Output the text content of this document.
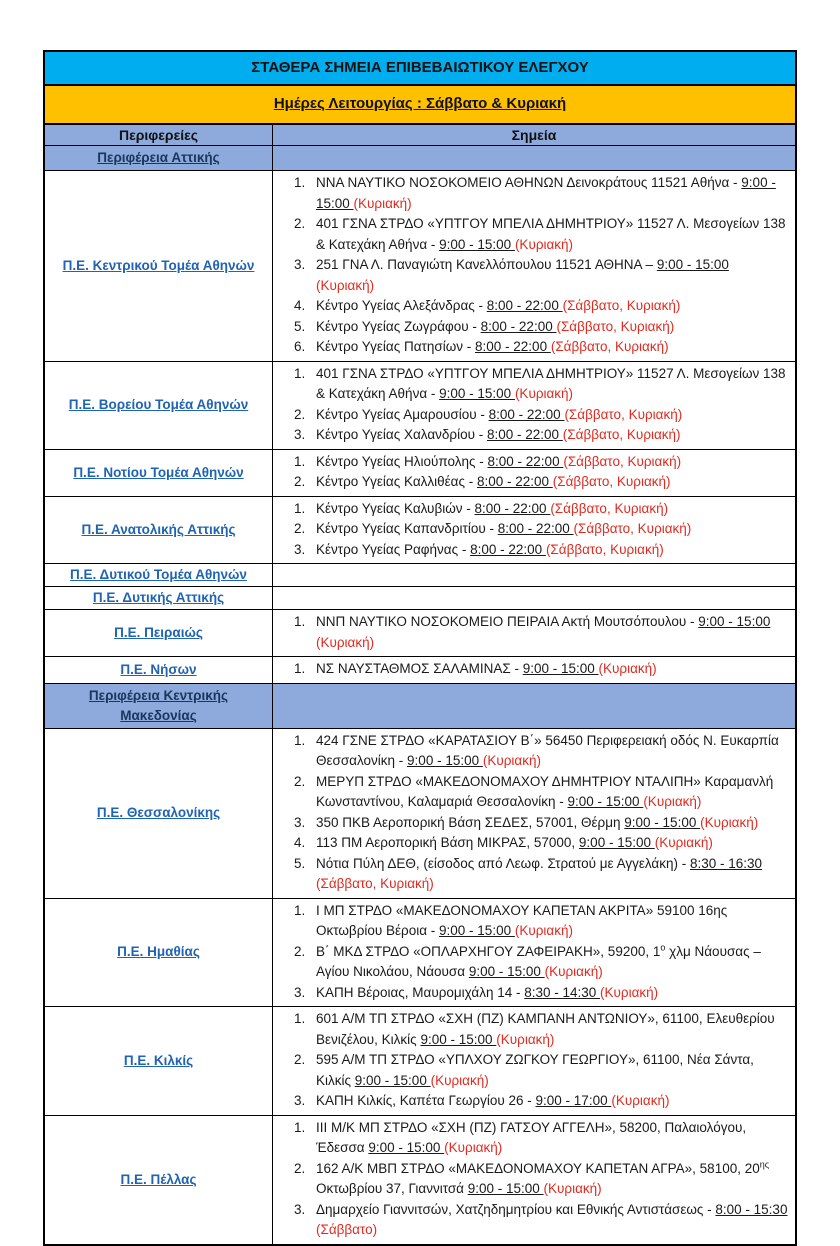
ΣΤΑΘΕΡΑ ΣΗΜΕΙΑ ΕΠΙΒΕΒΑΙΩΤΙΚΟΥ ΕΛΕΓΧΟΥ
Ημέρες Λειτουργίας : Σάββατο & Κυριακή
Περιφερείες	Σημεία
Περιφέρεια Αττικής
Π.Ε. Κεντρικού Τομέα Αθηνών
1. ΝΝΑ ΝΑΥΤΙΚΟ ΝΟΣΟΚΟΜΕΙΟ ΑΘΗΝΩΝ Δεινοκράτους 11521 Αθήνα - 9:00 - 15:00 (Κυριακή)
2. 401 ΓΣΝΑ ΣΤΡΔΟ «ΥΠΤΓΟΥ ΜΠΕΛΙΑ ΔΗΜΗΤΡΙΟΥ» 11527 Λ. Μεσογείων 138 & Κατεχάκη Αθήνα - 9:00 - 15:00 (Κυριακή)
3. 251 ΓΝΑ Λ. Παναγιώτη Κανελλόπουλου 11521 ΑΘΗΝΑ – 9:00 - 15:00 (Κυριακή)
4. Κέντρο Υγείας Αλεξάνδρας - 8:00 - 22:00 (Σάββατο, Κυριακή)
5. Κέντρο Υγείας Ζωγράφου - 8:00 - 22:00 (Σάββατο, Κυριακή)
6. Κέντρο Υγείας Πατησίων - 8:00 - 22:00 (Σάββατο, Κυριακή)
Π.Ε. Βορείου Τομέα Αθηνών
1. 401 ΓΣΝΑ ΣΤΡΔΟ «ΥΠΤΓΟΥ ΜΠΕΛΙΑ ΔΗΜΗΤΡΙΟΥ» 11527 Λ. Μεσογείων 138 & Κατεχάκη Αθήνα - 9:00 - 15:00 (Κυριακή)
2. Κέντρο Υγείας Αμαρουσίου - 8:00 - 22:00 (Σάββατο, Κυριακή)
3. Κέντρο Υγείας Χαλανδρίου - 8:00 - 22:00 (Σάββατο, Κυριακή)
Π.Ε. Νοτίου Τομέα Αθηνών
1. Κέντρο Υγείας Ηλιούπολης - 8:00 - 22:00 (Σάββατο, Κυριακή)
2. Κέντρο Υγείας Καλλιθέας - 8:00 - 22:00 (Σάββατο, Κυριακή)
Π.Ε. Ανατολικής Αττικής
1. Κέντρο Υγείας Καλυβιών - 8:00 - 22:00 (Σάββατο, Κυριακή)
2. Κέντρο Υγείας Καπανδριτίου - 8:00 - 22:00 (Σάββατο, Κυριακή)
3. Κέντρο Υγείας Ραφήνας - 8:00 - 22:00 (Σάββατο, Κυριακή)
Π.Ε. Δυτικού Τομέα Αθηνών
Π.Ε. Δυτικής Αττικής
Π.Ε. Πειραιώς
1. ΝΝΠ ΝΑΥΤΙΚΟ ΝΟΣΟΚΟΜΕΙΟ ΠΕΙΡΑΙΑ Ακτή Μουτσόπουλου - 9:00 - 15:00 (Κυριακή)
Π.Ε. Νήσων	1. ΝΣ ΝΑΥΣΤΑΘΜΟΣ ΣΑΛΑΜΙΝΑΣ - 9:00 - 15:00 (Κυριακή)
Περιφέρεια Κεντρικής Μακεδονίας
Π.Ε. Θεσσαλονίκης
1. 424 ΓΣΝΕ ΣΤΡΔΟ «ΚΑΡΑΤΑΣΙΟΥ Β΄» 56450 Περιφερειακή οδός Ν. Ευκαρπία Θεσσαλονίκη - 9:00 - 15:00 (Κυριακή)
2. ΜΕΡΥΠ ΣΤΡΔΟ «ΜΑΚΕΔΟΝΟΜΑΧΟΥ ΔΗΜΗΤΡΙΟΥ ΝΤΑΛΙΠΗ» Καραμανλή Κωνσταντίνου, Καλαμαριά Θεσσαλονίκη - 9:00 - 15:00 (Κυριακή)
3. 350 ΠΚΒ Αεροπορική Βάση ΣΕΔΕΣ, 57001, Θέρμη 9:00 - 15:00 (Κυριακή)
4. 113 ΠΜ Αεροπορική Βάση ΜΙΚΡΑΣ, 57000, 9:00 - 15:00 (Κυριακή)
5. Νότια Πύλη ΔΕΘ, (είσοδος από Λεωφ. Στρατού με Αγγελάκη) - 8:30 - 16:30 (Σάββατο, Κυριακή)
Π.Ε. Ημαθίας
1. Ι ΜΠ ΣΤΡΔΟ «ΜΑΚΕΔΟΝΟΜΑΧΟΥ ΚΑΠΕΤΑΝ ΑΚΡΙΤΑ» 59100 16ης Οκτωβρίου Βέροια - 9:00 - 15:00 (Κυριακή)
2. Β΄ ΜΚΔ ΣΤΡΔΟ «ΟΠΛΑΡΧΗΓΟΥ ΖΑΦΕΙΡΑΚΗ», 59200, $1^o$ χλμ Νάουσας – Αγίου Νικολάου, Νάουσα 9:00 - 15:00 (Κυριακή)
3. ΚΑΠΗ Βέροιας, Μαυρομιχάλη 14 - 8:30 - 14:30 (Κυριακή)
Π.Ε. Κιλκίς
1. 601 Α/Μ ΤΠ ΣΤΡΔΟ «ΣΧΗ (ΠΖ) ΚΑΜΠΑΝΗ ΑΝΤΩΝΙΟΥ», 61100, Ελευθερίου Βενιζέλου, Κιλκίς 9:00 - 15:00 (Κυριακή)
2. 595 Α/Μ ΤΠ ΣΤΡΔΟ «ΥΠΛΧΟΥ ΖΩΓΚΟΥ ΓΕΩΡΓΙΟΥ», 61100, Νέα Σάντα, Κιλκίς 9:00 - 15:00 (Κυριακή)
3. ΚΑΠΗ Κιλκίς, Καπέτα Γεωργίου 26 - 9:00 - 17:00 (Κυριακή)
Π.Ε. Πέλλας
1. ΙΙΙ Μ/Κ ΜΠ ΣΤΡΔΟ «ΣΧΗ (ΠΖ) ΓΑΤΣΟΥ ΑΓΓΕΛΗ», 58200, Παλαιολόγου, Έδεσσα 9:00 - 15:00 (Κυριακή)
2. 162 Α/Κ ΜΒΠ ΣΤΡΔΟ «ΜΑΚΕΔΟΝΟΜΑΧΟΥ ΚΑΠΕΤΑΝ ΑΓΡΑ», 58100, $20^{\eta\varsigma}$ Οκτωβρίου 37, Γιαννιτσά 9:00 - 15:00 (Κυριακή)
3. Δημαρχείο Γιαννιτσών, Χατζηδημητρίου και Εθνικής Αντιστάσεως - 8:00 - 15:30 (Σάββατο)
